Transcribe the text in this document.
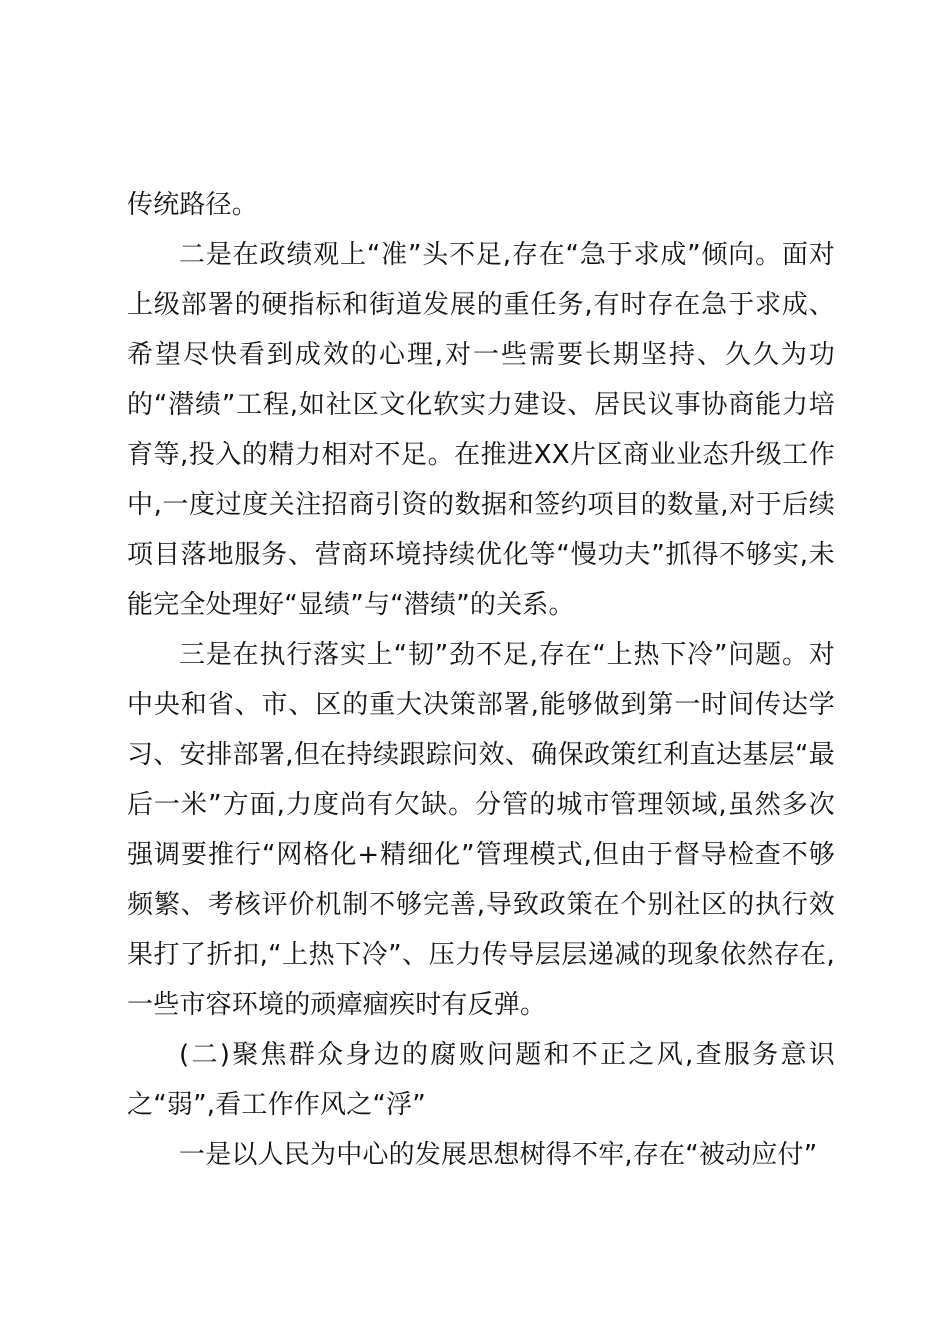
传统路径。

二是在政绩观上“准”头不足,存在“急于求成”倾向。面对上级部署的硬指标和街道发展的重任务,有时存在急于求成、希望尽快看到成效的心理,对一些需要长期坚持、久久为功的“潜绩”工程,如社区文化软实力建设、居民议事协商能力培育等,投入的精力相对不足。在推进XX片区商业业态升级工作中,一度过度关注招商引资的数据和签约项目的数量,对于后续项目落地服务、营商环境持续优化等“慢功夫”抓得不够实,未能完全处理好“显绩”与“潜绩”的关系。

三是在执行落实上“韧”劲不足,存在“上热下冷”问题。对中央和省、市、区的重大决策部署,能够做到第一时间传达学习、安排部署,但在持续跟踪问效、确保政策红利直达基层“最后一米”方面,力度尚有欠缺。分管的城市管理领域,虽然多次强调要推行“网格化+精细化”管理模式,但由于督导检查不够频繁、考核评价机制不够完善,导致政策在个别社区的执行效果打了折扣,“上热下冷”、压力传导层层递减的现象依然存在,一些市容环境的顽瘴痼疾时有反弹。

(二)聚焦群众身边的腐败问题和不正之风,查服务意识之“弱”,看工作作风之“浮”

一是以人民为中心的发展思想树得不牢,存在“被动应付”
